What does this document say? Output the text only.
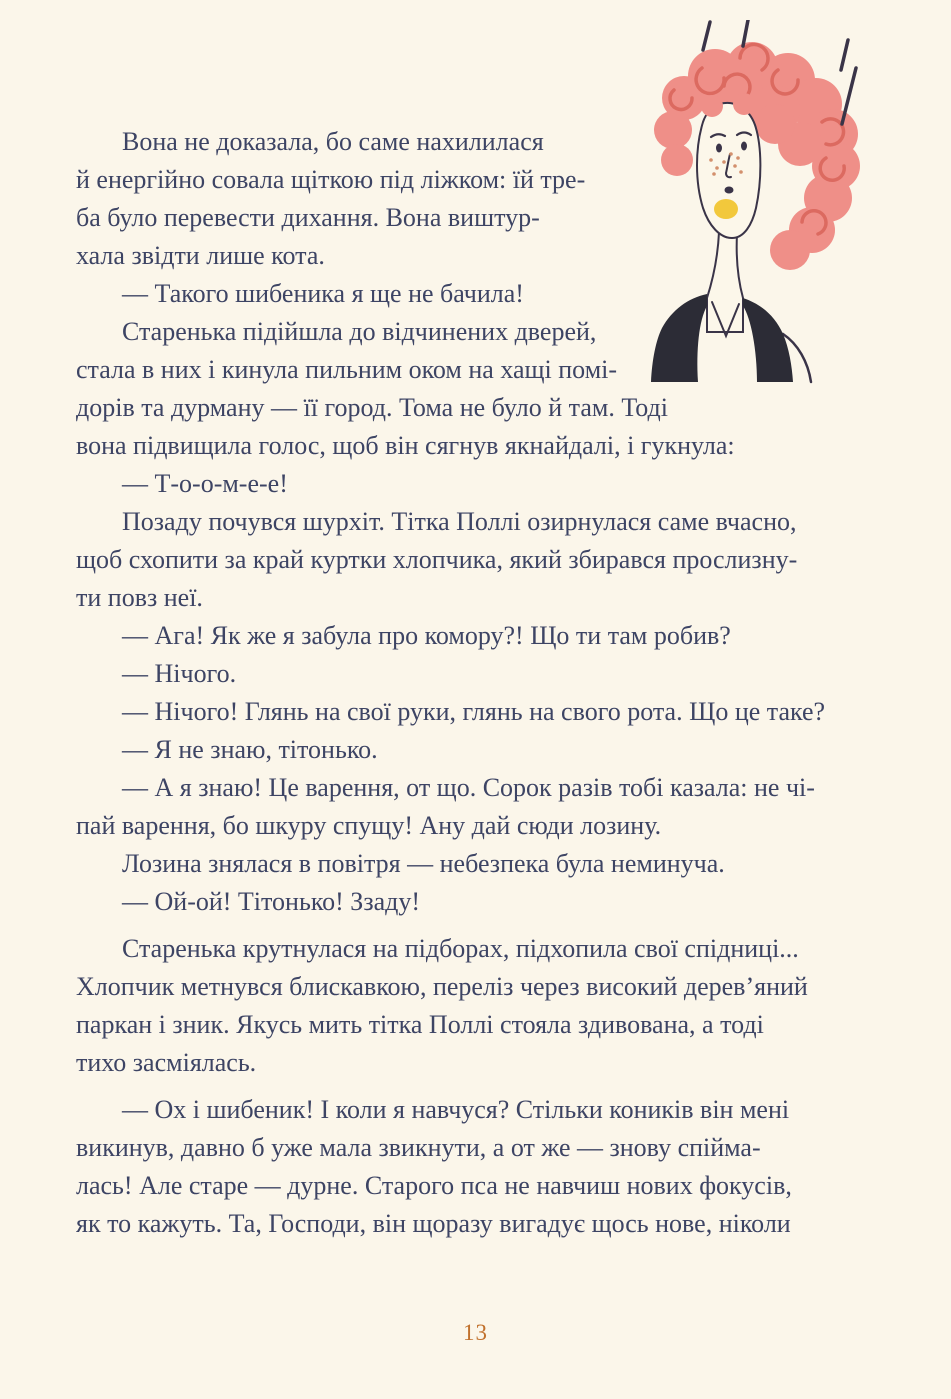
Вона не доказала, бо саме нахилилася
й енергійно совала щіткою під ліжком: їй тре-
ба було перевести дихання. Вона виштур-
хала звідти лише кота.
— Такого шибеника я ще не бачила!
Старенька підійшла до відчинених дверей,
стала в них і кинула пильним оком на хащі помі-
дорів та дурману — її город. Тома не було й там. Тоді
вона підвищила голос, щоб він сягнув якнайдалі, і гукнула:
— Т-о-о-м-е-е!
Позаду почувся шурхіт. Тітка Поллі озирнулася саме вчасно,
щоб схопити за край куртки хлопчика, який збирався прослизну-
ти повз неї.
— Ага! Як же я забула про комору?! Що ти там робив?
— Нічого.
— Нічого! Глянь на свої руки, глянь на свого рота. Що це таке?
— Я не знаю, тітонько.
— А я знаю! Це варення, от що. Сорок разів тобі казала: не чі-
пай варення, бо шкуру спущу! Ану дай сюди лозину.
Лозина знялася в повітря — небезпека була неминуча.
— Ой-ой! Тітонько! Ззаду!
Старенька крутнулася на підборах, підхопила свої спідниці...
Хлопчик метнувся блискавкою, переліз через високий дерев’яний
паркан і зник. Якусь мить тітка Поллі стояла здивована, а тоді
тихо засміялась.
— Ох і шибеник! І коли я навчуся? Стільки коників він мені
викинув, давно б уже мала звикнути, а от же — знову спійма-
лась! Але старе — дурне. Старого пса не навчиш нових фокусів,
як то кажуть. Та, Господи, він щоразу вигадує щось нове, ніколи
13
